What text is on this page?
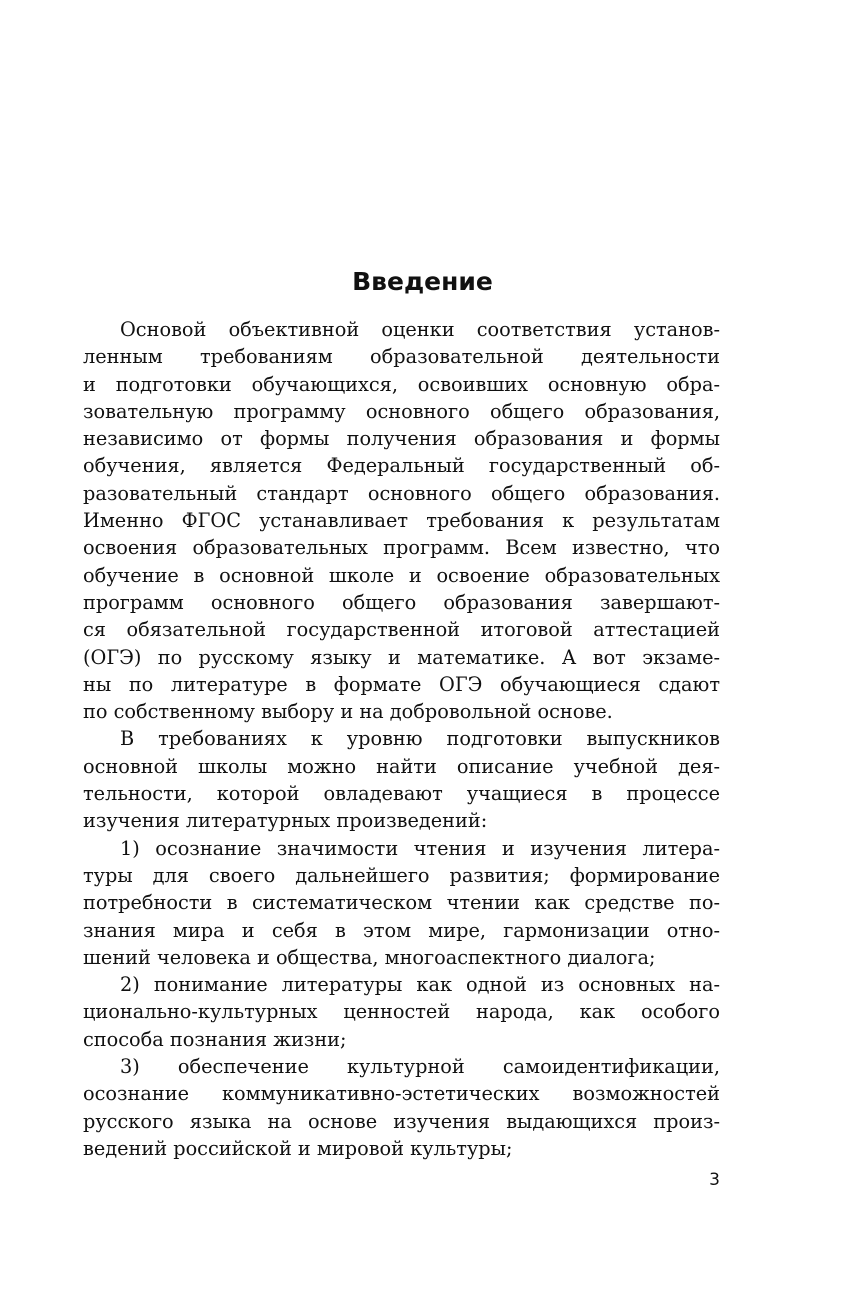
Введение
Основой объективной оценки соответствия установ-
ленным требованиям образовательной деятельности
и подготовки обучающихся, освоивших основную обра-
зовательную программу основного общего образования,
независимо от формы получения образования и формы
обучения, является Федеральный государственный об-
разовательный стандарт основного общего образования.
Именно ФГОС устанавливает требования к результатам
освоения образовательных программ. Всем известно, что
обучение в основной школе и освоение образовательных
программ основного общего образования завершают-
ся обязательной государственной итоговой аттестацией
(ОГЭ) по русскому языку и математике. А вот экзаме-
ны по литературе в формате ОГЭ обучающиеся сдают
по собственному выбору и на добровольной основе.
В требованиях к уровню подготовки выпускников
основной школы можно найти описание учебной дея-
тельности, которой овладевают учащиеся в процессе
изучения литературных произведений:
1) осознание значимости чтения и изучения литера-
туры для своего дальнейшего развития; формирование
потребности в систематическом чтении как средстве по-
знания мира и себя в этом мире, гармонизации отно-
шений человека и общества, многоаспектного диалога;
2) понимание литературы как одной из основных на-
ционально-культурных ценностей народа, как особого
способа познания жизни;
3) обеспечение культурной самоидентификации,
осознание коммуникативно-эстетических возможностей
русского языка на основе изучения выдающихся произ-
ведений российской и мировой культуры;
3
